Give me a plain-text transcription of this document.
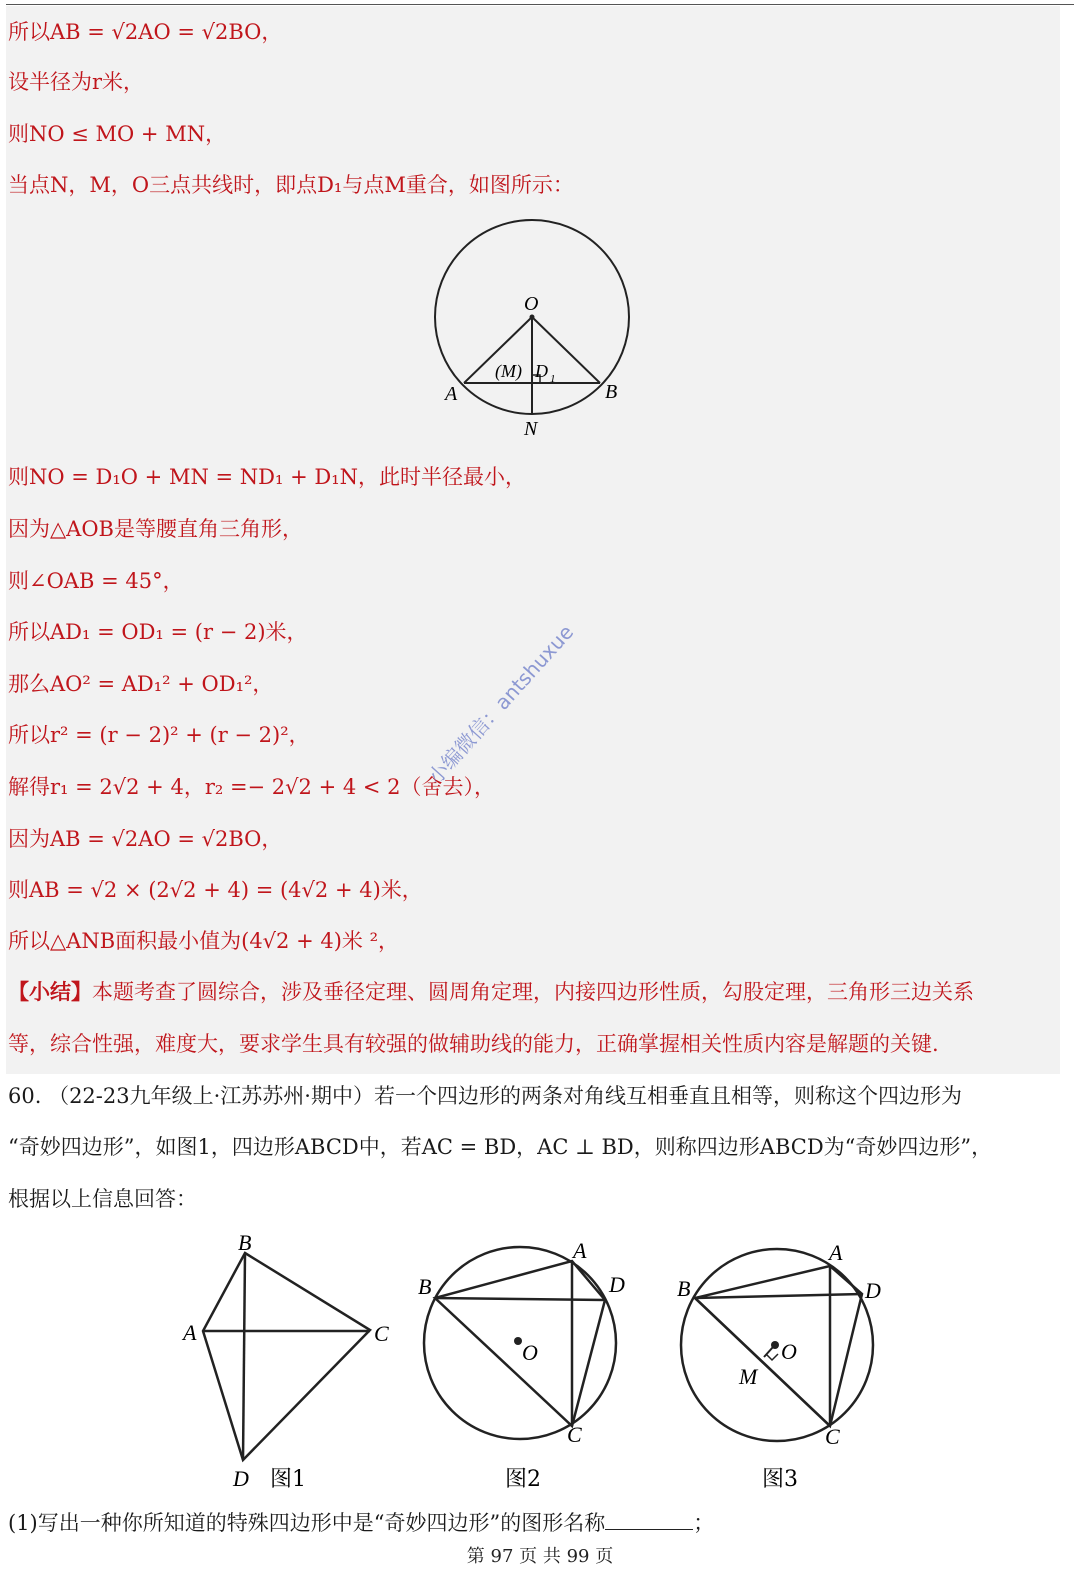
所以AB = √2AO = √2BO，
设半径为r米，
则NO ≤ MO + MN，
当点N，M，O三点共线时，即点D₁与点M重合，如图所示：
O
(M) D 1
A	B
N
则NO = D₁O + MN = ND₁ + D₁N，此时半径最小，
因为△AOB是等腰直角三角形，
则∠OAB = 45°，
所以AD₁ = OD₁ = (r − 2)米，
那么AO² = AD₁² + OD₁²，
所以r² = (r − 2)² + (r − 2)²，
解得r₁ = 2√2 + 4，r₂ =− 2√2 + 4 < 2（舍去），
因为AB = √2AO = √2BO，
则AB = √2 × (2√2 + 4) = (4√2 + 4)米，
所以△ANB面积最小值为(4√2 + 4)米 ²，
【小结】本题考查了圆综合，涉及垂径定理、圆周角定理，内接四边形性质，勾股定理，三角形三边关系
等，综合性强，难度大，要求学生具有较强的做辅助线的能力，正确掌握相关性质内容是解题的关键.
小编微信：antshuxue
60. （22-23九年级上·江苏苏州·期中）若一个四边形的两条对角线互相垂直且相等，则称这个四边形为
“奇妙四边形”，如图1，四边形ABCD中，若AC = BD，AC ⊥ BD，则称四边形ABCD为“奇妙四边形”，
根据以上信息回答：
B
A	C
D 图1
A
B	D
O
C
图2
A
B	D
O
M
C
图3
(1)写出一种你所知道的特殊四边形中是“奇妙四边形”的图形名称	；
第 97 页 共 99 页
